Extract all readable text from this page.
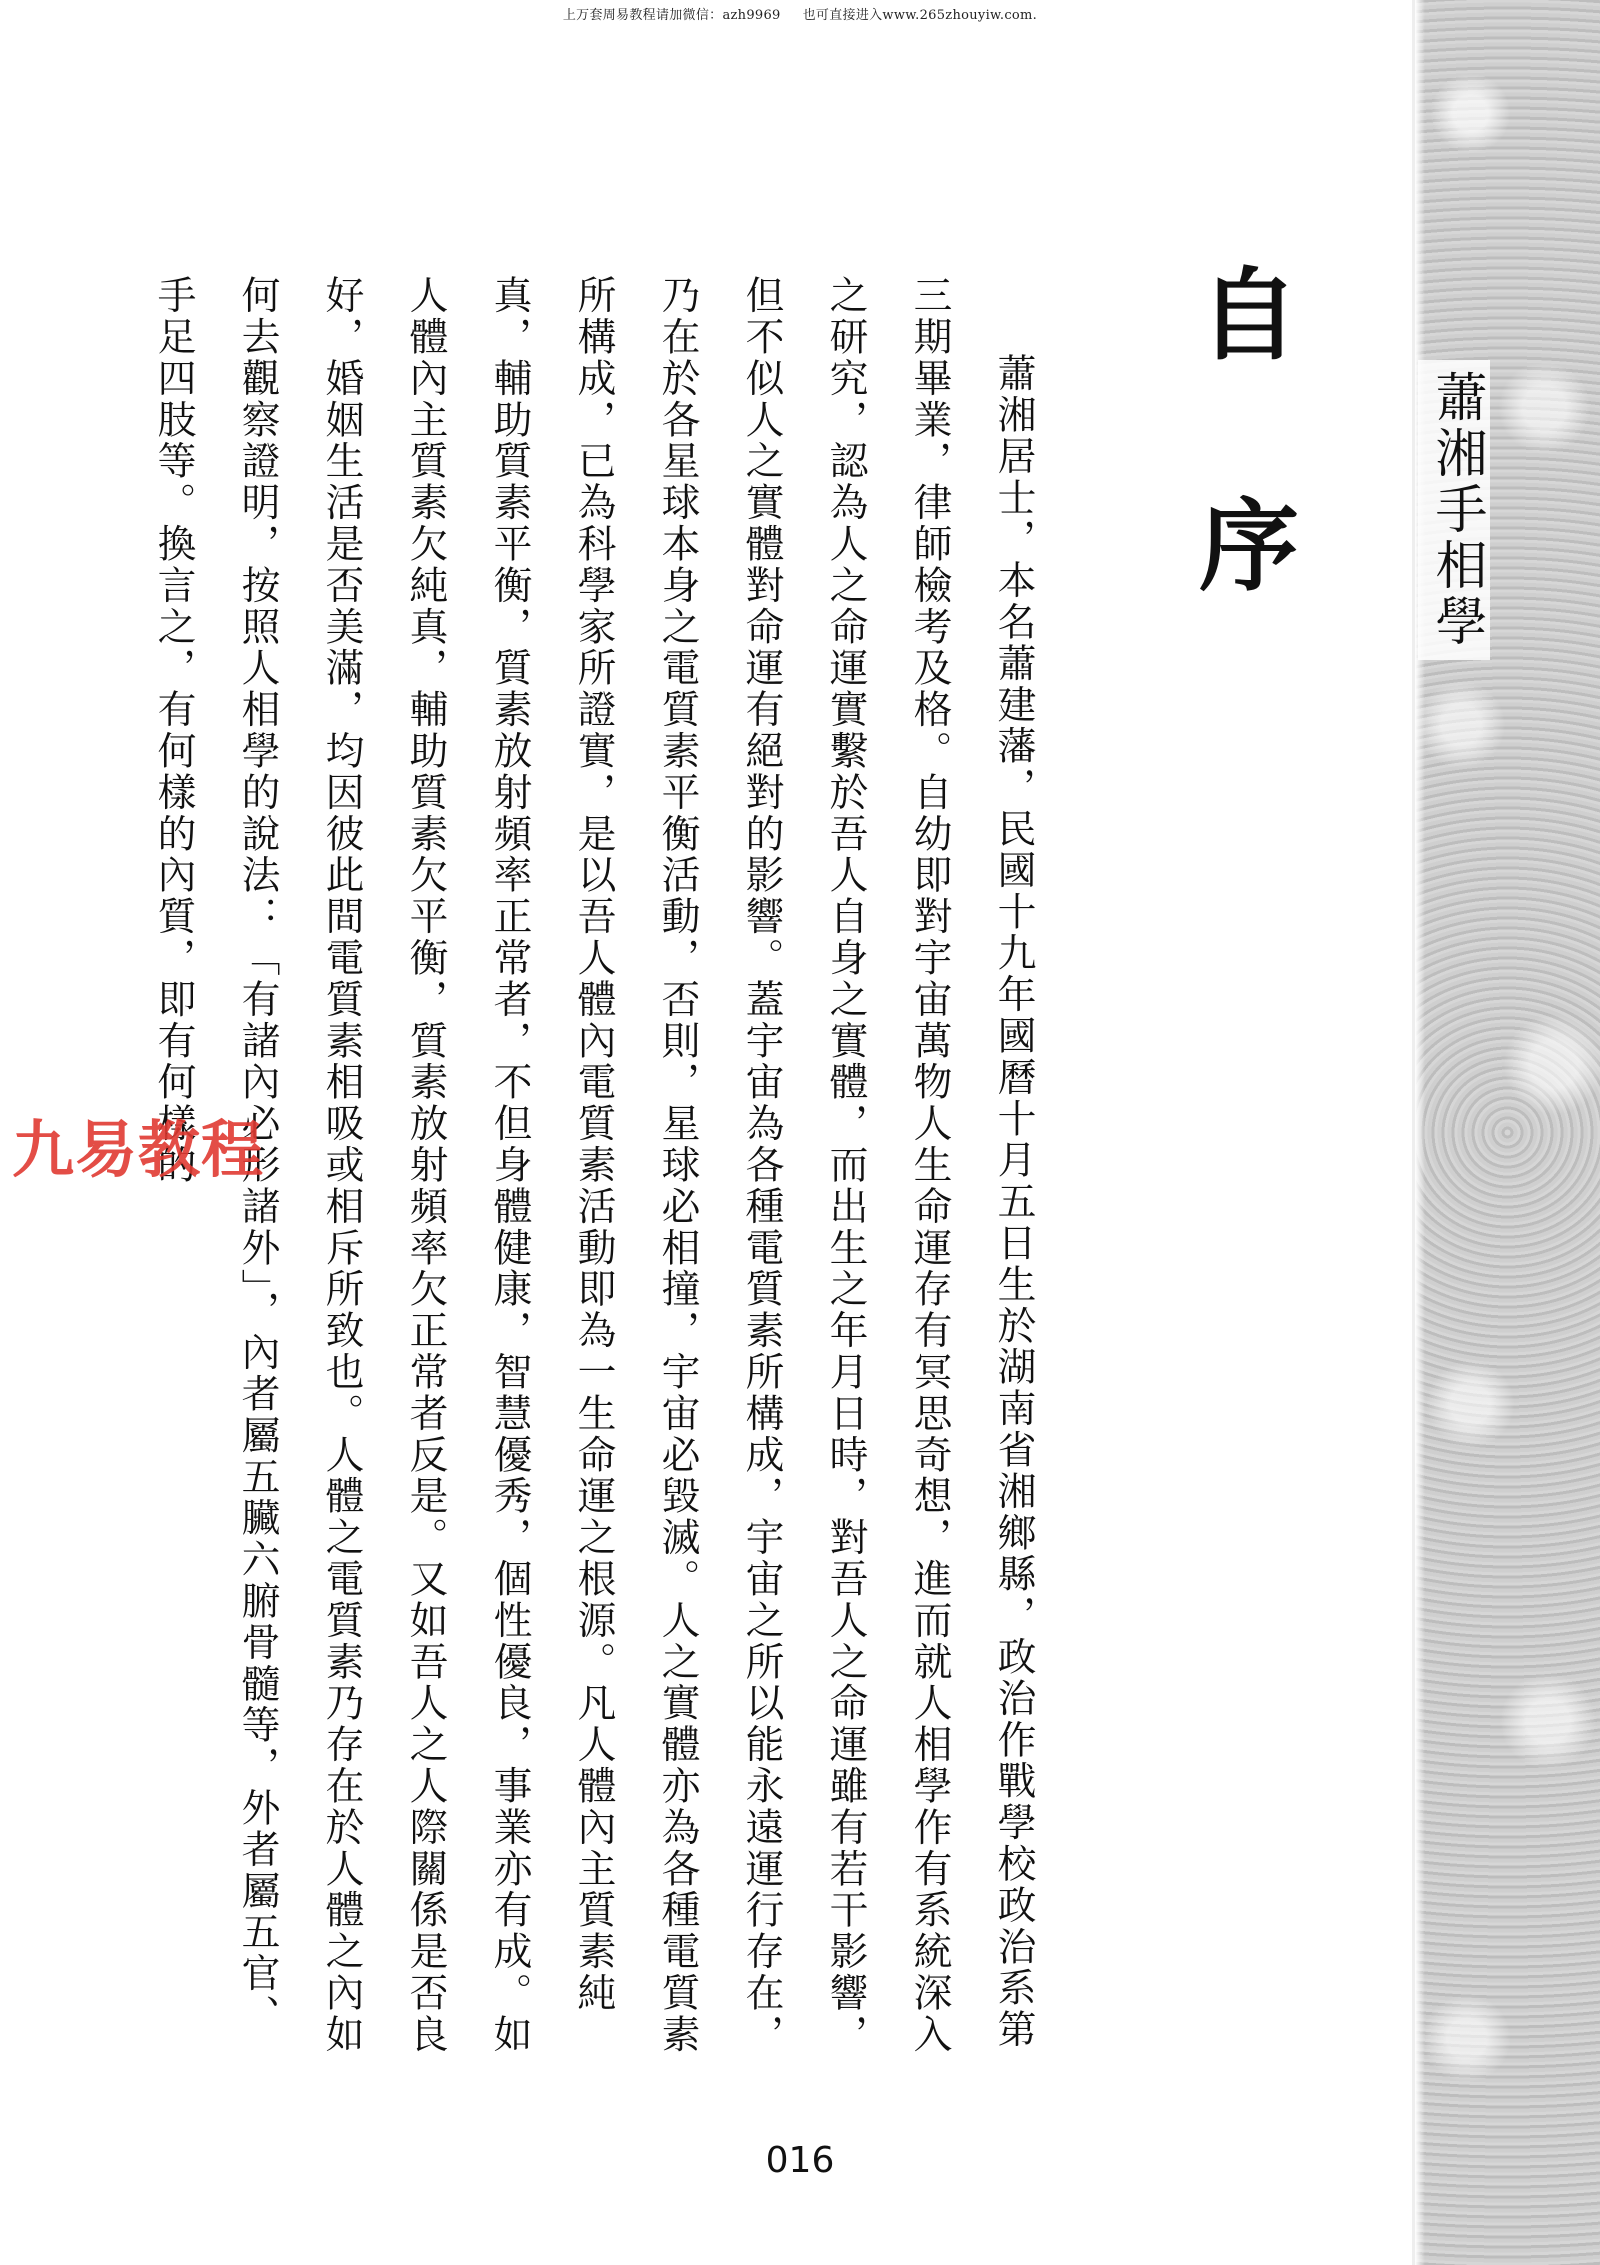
上万套周易教程请加微信：azh9969 也可直接进入www.265zhouyiw.com.
蕭湘手相學
自 序

蕭湘居士，本名蕭建藩，民國十九年國曆十月五日生於湖南省湘鄉縣，政治作戰學校政治系第三期畢業，律師檢考及格。自幼即對宇宙萬物人生命運存有冥思奇想，進而就人相學作有系統深入之研究，認為人之命運實繫於吾人自身之實體，而出生之年月日時，對吾人之命運雖有若干影響，但不似人之實體對命運有絕對的影響。蓋宇宙為各種電質素所構成，宇宙之所以能永遠運行存在，乃在於各星球本身之電質素平衡活動，否則，星球必相撞，宇宙必毀滅。人之實體亦為各種電質素所構成，已為科學家所證實，是以吾人體內電質素活動即為一生命運之根源。凡人體內主質素純真，輔助質素平衡，質素放射頻率正常者，不但身體健康，智慧優秀，個性優良，事業亦有成。如人體內主質素欠純真，輔助質素欠平衡，質素放射頻率欠正常者反是。又如吾人之人際關係是否良好，婚姻生活是否美滿，均因彼此間電質素相吸或相斥所致也。人體之電質素乃存在於人體之內如何去觀察證明，按照人相學的說法：「有諸內必形諸外」，內者屬五臟六腑骨髓等，外者屬五官、手足四肢等。換言之，有何樣的內質，即有何樣的

九易教程
016
